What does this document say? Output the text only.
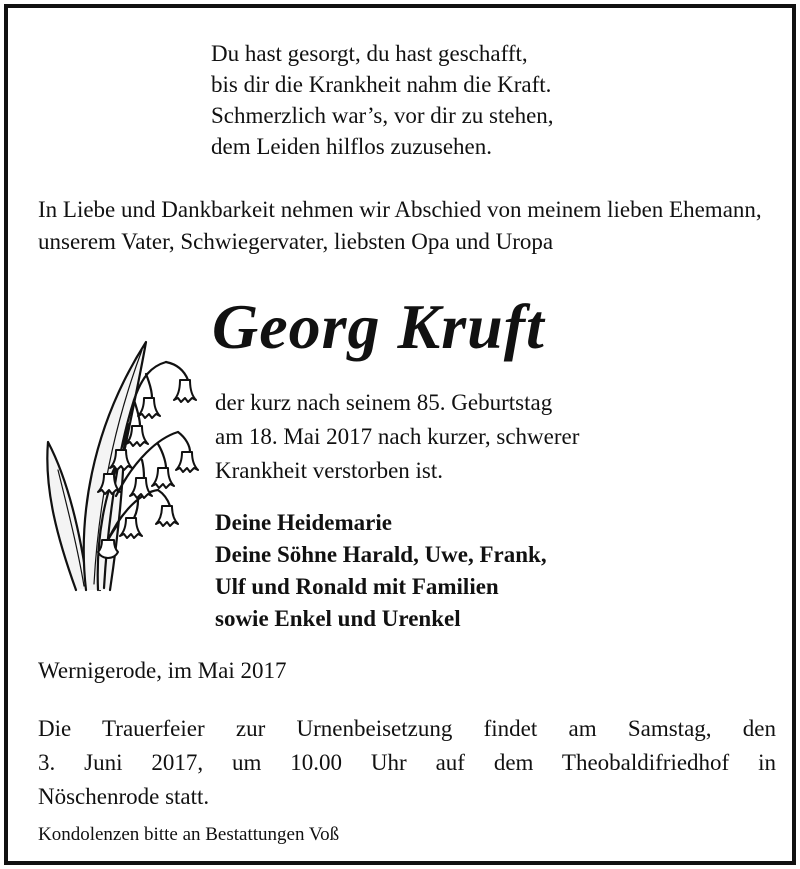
Du hast gesorgt, du hast geschafft,
bis dir die Krankheit nahm die Kraft.
Schmerzlich war’s, vor dir zu stehen,
dem Leiden hilflos zuzusehen.
In Liebe und Dankbarkeit nehmen wir Abschied von meinem lieben Ehemann, unserem Vater, Schwiegervater, liebsten Opa und Uropa
Georg Kruft
der kurz nach seinem 85. Geburtstag
am 18. Mai 2017 nach kurzer, schwerer
Krankheit verstorben ist.
Deine Heidemarie
Deine Söhne Harald, Uwe, Frank,
Ulf und Ronald mit Familien
sowie Enkel und Urenkel
Wernigerode, im Mai 2017
Die Trauerfeier zur Urnenbeisetzung findet am Samstag, den
3. Juni 2017, um 10.00 Uhr auf dem Theobaldifriedhof in
Nöschenrode statt.
Kondolenzen bitte an Bestattungen Voß
